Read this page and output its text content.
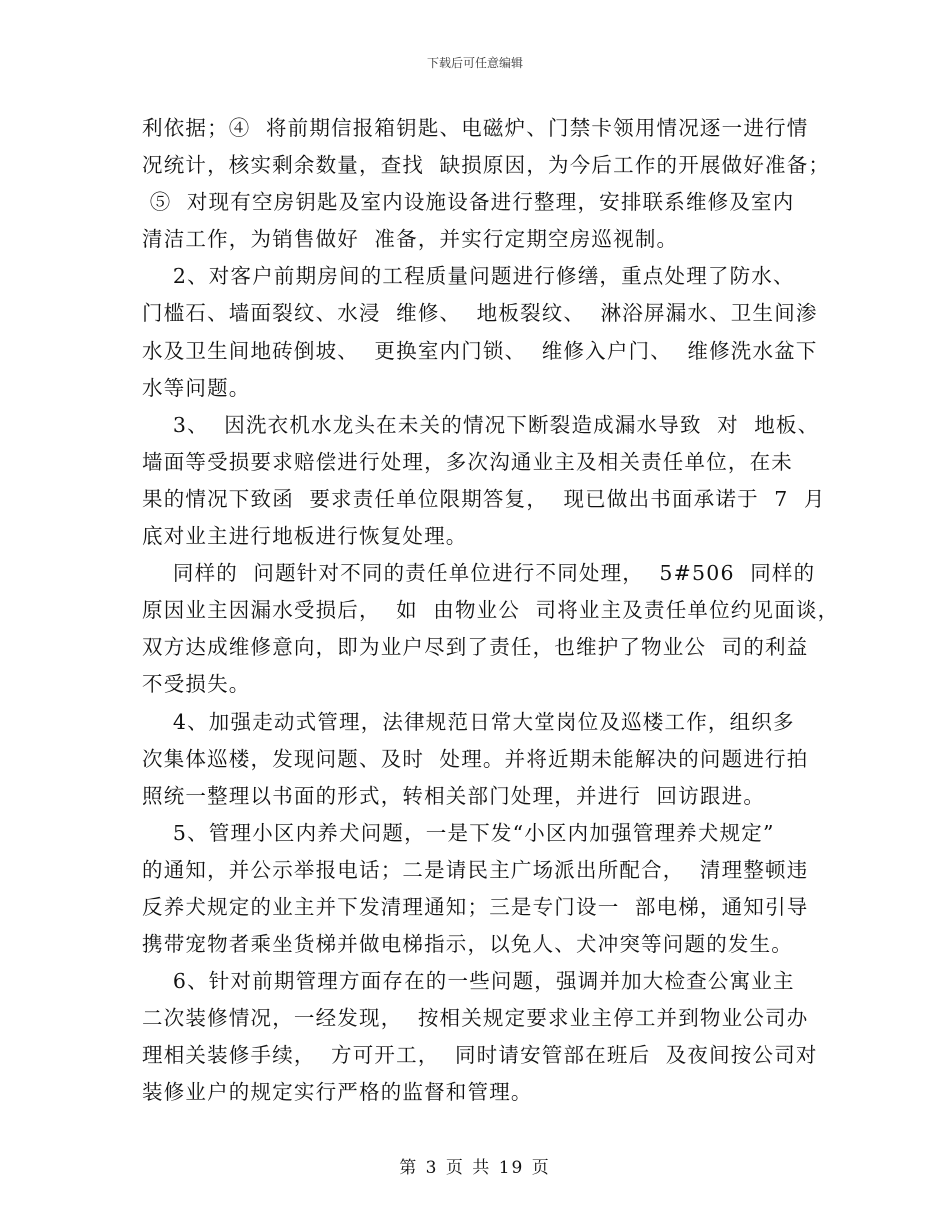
下载后可任意编辑
利依据；④  将前期信报箱钥匙、电磁炉、门禁卡领用情况逐一进行情
况统计，核实剩余数量，查找  缺损原因，为今后工作的开展做好准备；
⑤  对现有空房钥匙及室内设施设备进行整理，安排联系维修及室内
清洁工作，为销售做好  准备，并实行定期空房巡视制。
2、对客户前期房间的工程质量问题进行修缮，重点处理了防水、
门槛石、墙面裂纹、水浸  维修、  地板裂纹、  淋浴屏漏水、卫生间渗
水及卫生间地砖倒坡、  更换室内门锁、  维修入户门、  维修洗水盆下
水等问题。
3、  因洗衣机水龙头在未关的情况下断裂造成漏水导致  对  地板、
墙面等受损要求赔偿进行处理，多次沟通业主及相关责任单位，在未
果的情况下致函  要求责任单位限期答复，  现已做出书面承诺于  7  月
底对业主进行地板进行恢复处理。
同样的  问题针对不同的责任单位进行不同处理，  5#506  同样的
原因业主因漏水受损后，  如  由物业公  司将业主及责任单位约见面谈，
双方达成维修意向，即为业户尽到了责任，也维护了物业公  司的利益
不受损失。
4、加强走动式管理，法律规范日常大堂岗位及巡楼工作，组织多
次集体巡楼，发现问题、及时  处理。并将近期未能解决的问题进行拍
照统一整理以书面的形式，转相关部门处理，并进行  回访跟进。
5、管理小区内养犬问题，一是下发“小区内加强管理养犬规定”
的通知，并公示举报电话；二是请民主广场派出所配合，  清理整顿违
反养犬规定的业主并下发清理通知；三是专门设一  部电梯，通知引导
携带宠物者乘坐货梯并做电梯指示，以免人、犬冲突等问题的发生。
6、针对前期管理方面存在的一些问题，强调并加大检查公寓业主
二次装修情况，一经发现，  按相关规定要求业主停工并到物业公司办
理相关装修手续，  方可开工，  同时请安管部在班后  及夜间按公司对
装修业户的规定实行严格的监督和管理。
第 3 页 共 19 页
